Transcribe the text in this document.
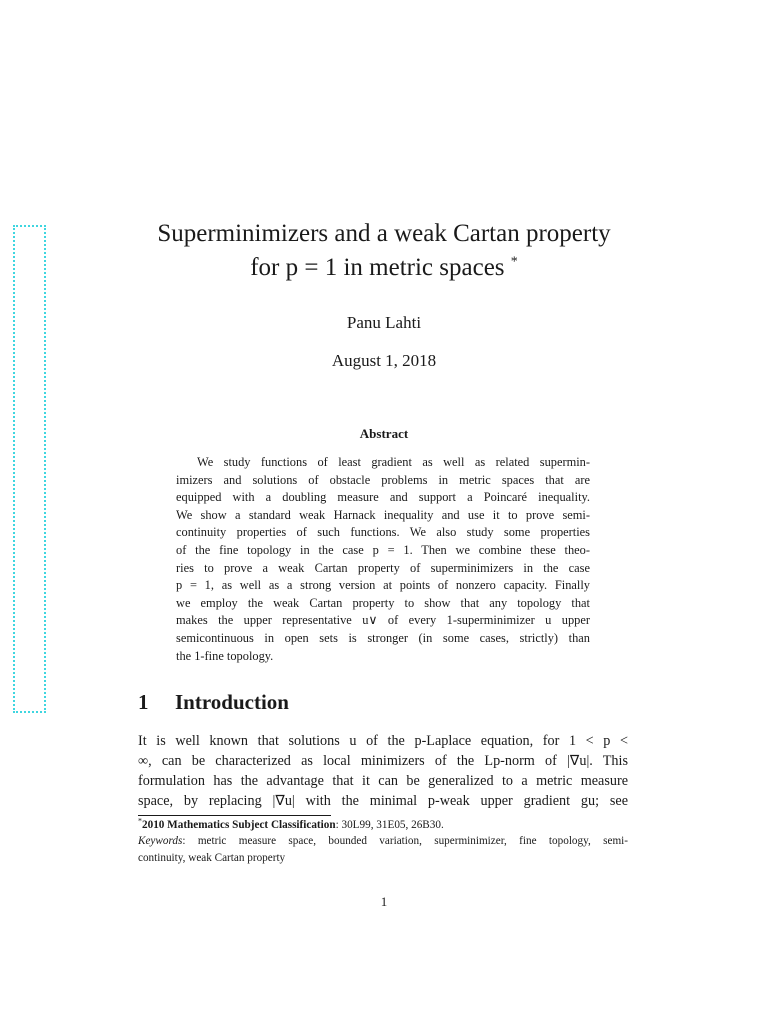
Superminimizers and a weak Cartan property
for p = 1 in metric spaces *
Panu Lahti
August 1, 2018
Abstract
We study functions of least gradient as well as related supermin-
imizers and solutions of obstacle problems in metric spaces that are
equipped with a doubling measure and support a Poincaré inequality.
We show a standard weak Harnack inequality and use it to prove semi-
continuity properties of such functions. We also study some properties
of the fine topology in the case p = 1. Then we combine these theo-
ries to prove a weak Cartan property of superminimizers in the case
p = 1, as well as a strong version at points of nonzero capacity. Finally
we employ the weak Cartan property to show that any topology that
makes the upper representative u∨ of every 1-superminimizer u upper
semicontinuous in open sets is stronger (in some cases, strictly) than
the 1-fine topology.
1 Introduction
It is well known that solutions u of the p-Laplace equation, for 1 < p <
∞, can be characterized as local minimizers of the Lp-norm of |∇u|. This
formulation has the advantage that it can be generalized to a metric measure
space, by replacing |∇u| with the minimal p-weak upper gradient gu; see
*2010 Mathematics Subject Classification: 30L99, 31E05, 26B30.
Keywords: metric measure space, bounded variation, superminimizer, fine topology, semi-
continuity, weak Cartan property
1
